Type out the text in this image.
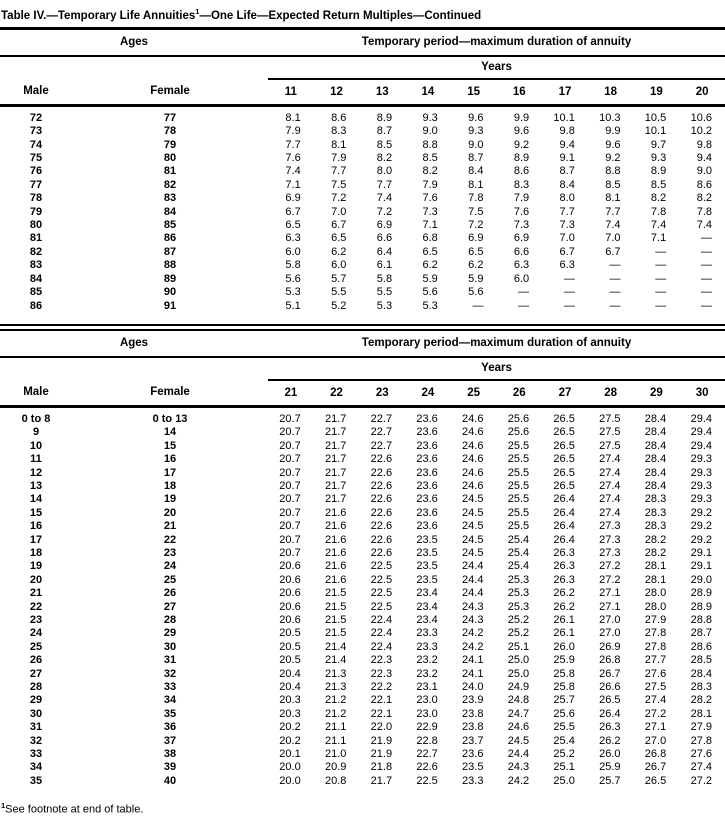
Table IV.—Temporary Life Annuities$^1$—One Life—Expected Return Multiples—Continued
Ages		Temporary period—maximum duration of annuity									
		Years									
Male	Female	11	12	13	14	15	16	17	18	19	20
72	77	8.1	8.6	8.9	9.3	9.6	9.9	10.1	10.3	10.5	10.6
73	78	7.9	8.3	8.7	9.0	9.3	9.6	9.8	9.9	10.1	10.2
74	79	7.7	8.1	8.5	8.8	9.0	9.2	9.4	9.6	9.7	9.8
75	80	7.6	7.9	8.2	8.5	8.7	8.9	9.1	9.2	9.3	9.4
76	81	7.4	7.7	8.0	8.2	8.4	8.6	8.7	8.8	8.9	9.0
77	82	7.1	7.5	7.7	7.9	8.1	8.3	8.4	8.5	8.5	8.6
78	83	6.9	7.2	7.4	7.6	7.8	7.9	8.0	8.1	8.2	8.2
79	84	6.7	7.0	7.2	7.3	7.5	7.6	7.7	7.7	7.8	7.8
80	85	6.5	6.7	6.9	7.1	7.2	7.3	7.3	7.4	7.4	7.4
81	86	6.3	6.5	6.6	6.8	6.9	6.9	7.0	7.0	7.1	—
82	87	6.0	6.2	6.4	6.5	6.5	6.6	6.7	6.7	—	—
83	88	5.8	6.0	6.1	6.2	6.2	6.3	6.3	—	—	—
84	89	5.6	5.7	5.8	5.9	5.9	6.0	—	—	—	—
85	90	5.3	5.5	5.5	5.6	5.6	—	—	—	—	—
86	91	5.1	5.2	5.3	5.3	—	—	—	—	—	—
Ages		Temporary period—maximum duration of annuity									
		Years									
Male	Female	21	22	23	24	25	26	27	28	29	30
0 to 8	0 to 13	20.7	21.7	22.7	23.6	24.6	25.6	26.5	27.5	28.4	29.4
9	14	20.7	21.7	22.7	23.6	24.6	25.6	26.5	27.5	28.4	29.4
10	15	20.7	21.7	22.7	23.6	24.6	25.5	26.5	27.5	28.4	29.4
11	16	20.7	21.7	22.6	23.6	24.6	25.5	26.5	27.4	28.4	29.3
12	17	20.7	21.7	22.6	23.6	24.6	25.5	26.5	27.4	28.4	29.3
13	18	20.7	21.7	22.6	23.6	24.6	25.5	26.5	27.4	28.4	29.3
14	19	20.7	21.7	22.6	23.6	24.5	25.5	26.4	27.4	28.3	29.3
15	20	20.7	21.6	22.6	23.6	24.5	25.5	26.4	27.4	28.3	29.2
16	21	20.7	21.6	22.6	23.6	24.5	25.5	26.4	27.3	28.3	29.2
17	22	20.7	21.6	22.6	23.5	24.5	25.4	26.4	27.3	28.2	29.2
18	23	20.7	21.6	22.6	23.5	24.5	25.4	26.3	27.3	28.2	29.1
19	24	20.6	21.6	22.5	23.5	24.4	25.4	26.3	27.2	28.1	29.1
20	25	20.6	21.6	22.5	23.5	24.4	25.3	26.3	27.2	28.1	29.0
21	26	20.6	21.5	22.5	23.4	24.4	25.3	26.2	27.1	28.0	28.9
22	27	20.6	21.5	22.5	23.4	24.3	25.3	26.2	27.1	28.0	28.9
23	28	20.6	21.5	22.4	23.4	24.3	25.2	26.1	27.0	27.9	28.8
24	29	20.5	21.5	22.4	23.3	24.2	25.2	26.1	27.0	27.8	28.7
25	30	20.5	21.4	22.4	23.3	24.2	25.1	26.0	26.9	27.8	28.6
26	31	20.5	21.4	22.3	23.2	24.1	25.0	25.9	26.8	27.7	28.5
27	32	20.4	21.3	22.3	23.2	24.1	25.0	25.8	26.7	27.6	28.4
28	33	20.4	21.3	22.2	23.1	24.0	24.9	25.8	26.6	27.5	28.3
29	34	20.3	21.2	22.1	23.0	23.9	24.8	25.7	26.5	27.4	28.2
30	35	20.3	21.2	22.1	23.0	23.8	24.7	25.6	26.4	27.2	28.1
31	36	20.2	21.1	22.0	22.9	23.8	24.6	25.5	26.3	27.1	27.9
32	37	20.2	21.1	21.9	22.8	23.7	24.5	25.4	26.2	27.0	27.8
33	38	20.1	21.0	21.9	22.7	23.6	24.4	25.2	26.0	26.8	27.6
34	39	20.0	20.9	21.8	22.6	23.5	24.3	25.1	25.9	26.7	27.4
35	40	20.0	20.8	21.7	22.5	23.3	24.2	25.0	25.7	26.5	27.2
$^1$See footnote at end of table.
